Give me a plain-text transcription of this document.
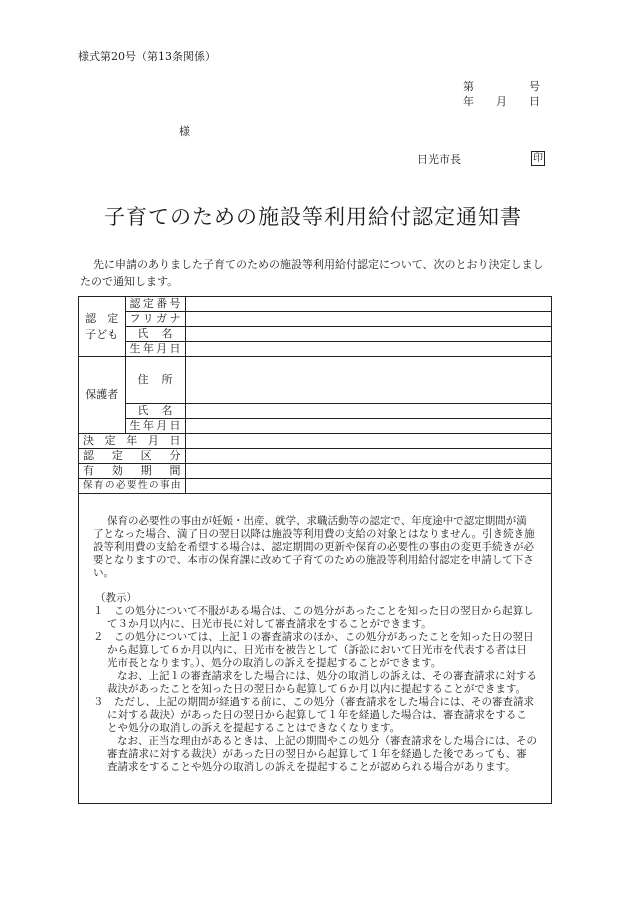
様式第20号（第13条関係）
第　　　　　号
年　　月　　日
様
日光市長	印
子育てのための施設等利用給付認定通知書
先に申請のありました子育てのための施設等利用給付認定について、次のとおり決定しましたので通知します。
認　定子ども	認定番号	
	フリガナ	
	氏名	
	生年月日	
保護者	住所	
	氏名	
	生年月日	
決定年月日		
認定区分		
有効期間		
保育の必要性の事由		

保育の必要性の事由が妊娠・出産、就学、求職活動等の認定で、年度途中で認定期間が満了となった場合、満了日の翌日以降は施設等利用費の支給の対象とはなりません。引き続き施設等利用費の支給を希望する場合は、認定期間の更新や保育の必要性の事由の変更手続きが必要となりますので、本市の保育課に改めて子育てのための施設等利用給付認定を申請して下さい。

（教示）

１　この処分について不服がある場合は、この処分があったことを知った日の翌日から起算して３か月以内に、日光市長に対して審査請求をすることができます。

２　この処分については、上記１の審査請求のほか、この処分があったことを知った日の翌日から起算して６か月以内に、日光市を被告として（訴訟において日光市を代表する者は日光市長となります。）、処分の取消しの訴えを提起することができます。

なお、上記１の審査請求をした場合には、処分の取消しの訴えは、その審査請求に対する裁決があったことを知った日の翌日から起算して６か月以内に提起することができます。

３　ただし、上記の期間が経過する前に、この処分（審査請求をした場合には、その審査請求に対する裁決）があった日の翌日から起算して１年を経過した場合は、審査請求をすることや処分の取消しの訴えを提起することはできなくなります。

なお、正当な理由があるときは、上記の期間やこの処分（審査請求をした場合には、その審査請求に対する裁決）があった日の翌日から起算して１年を経過した後であっても、審査請求をすることや処分の取消しの訴えを提起することが認められる場合があります。
